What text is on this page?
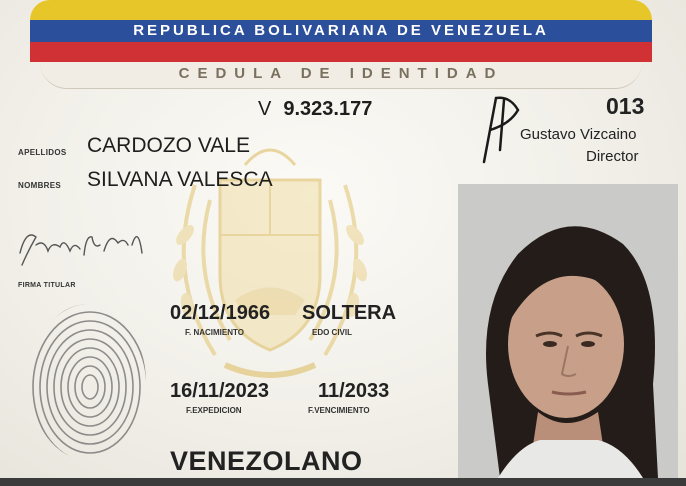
REPUBLICA BOLIVARIANA DE VENEZUELA
CEDULA DE IDENTIDAD
V 9.323.177	013
Gustavo Vizcaino
Director
APELLIDOS CARDOZO VALE
NOMBRES SILVANA VALESCA
FIRMA TITULAR
02/12/1966
F. NACIMIENTO
SOLTERA
EDO CIVIL
16/11/2023
F.EXPEDICION
11/2033
F.VENCIMIENTO
VENEZOLANO
